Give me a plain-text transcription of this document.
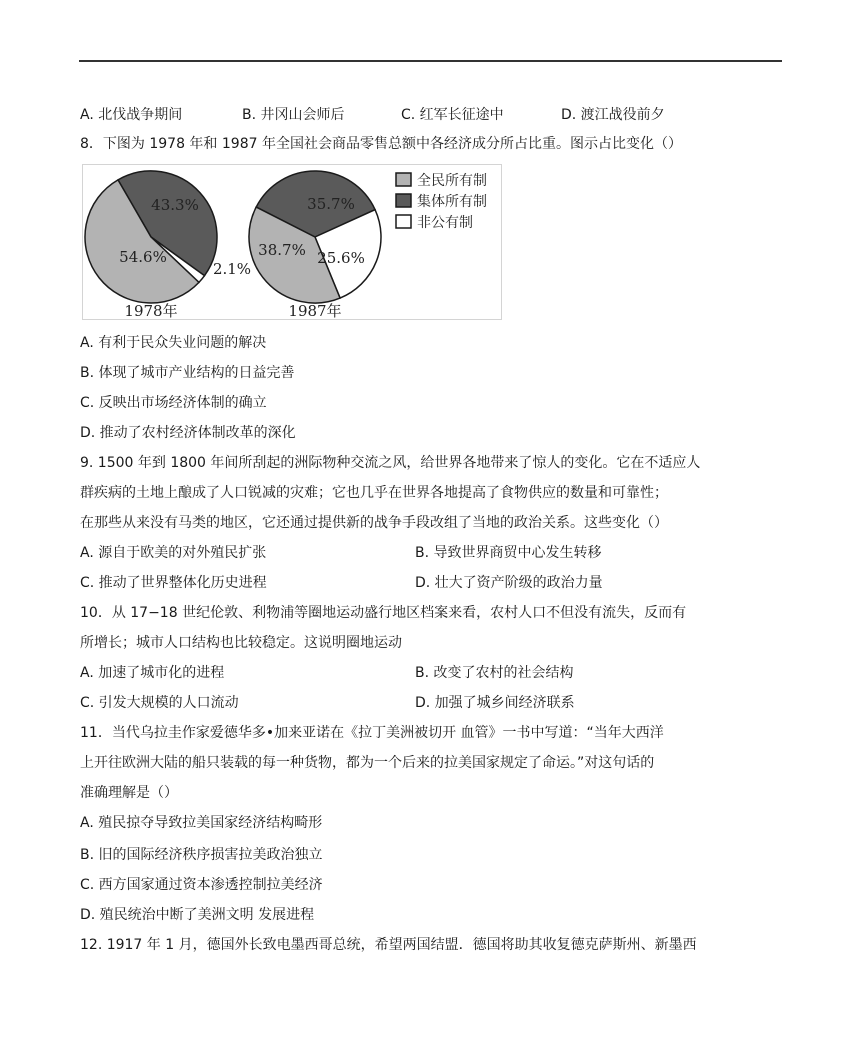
A. 北伐战争期间	B. 井冈山会师后	C. 红军长征途中	D. 渡江战役前夕
8．下图为 1978 年和 1987 年全国社会商品零售总额中各经济成分所占比重。图示占比变化（）
54.6%
43.3%
2.1%
1978年
38.7%
35.7%
25.6%
1987年
全民所有制
集体所有制
非公有制
A. 有利于民众失业问题的解决
B. 体现了城市产业结构的日益完善
C. 反映出市场经济体制的确立
D. 推动了农村经济体制改革的深化
9. 1500 年到 1800 年间所刮起的洲际物种交流之风，给世界各地带来了惊人的变化。它在不适应人
群疾病的土地上酿成了人口锐减的灾难；它也几乎在世界各地提高了食物供应的数量和可靠性；
在那些从来没有马类的地区，它还通过提供新的战争手段改组了当地的政治关系。这些变化（）
A. 源自于欧美的对外殖民扩张	B. 导致世界商贸中心发生转移
C. 推动了世界整体化历史进程	D. 壮大了资产阶级的政治力量
10．从 17−18 世纪伦敦、利物浦等圈地运动盛行地区档案来看，农村人口不但没有流失，反而有
所增长；城市人口结构也比较稳定。这说明圈地运动
A. 加速了城市化的进程	B. 改变了农村的社会结构
C. 引发大规模的人口流动	D. 加强了城乡间经济联系
11．当代乌拉圭作家爱德华多•加来亚诺在《拉丁美洲被切开 血管》一书中写道：“当年大西洋
上开往欧洲大陆的船只装载的每一种货物，都为一个后来的拉美国家规定了命运。”对这句话的
准确理解是（）
A. 殖民掠夺导致拉美国家经济结构畸形
B. 旧的国际经济秩序损害拉美政治独立
C. 西方国家通过资本渗透控制拉美经济
D. 殖民统治中断了美洲文明 发展进程
12. 1917 年 1 月，德国外长致电墨西哥总统，希望两国结盟．德国将助其收复德克萨斯州、新墨西
